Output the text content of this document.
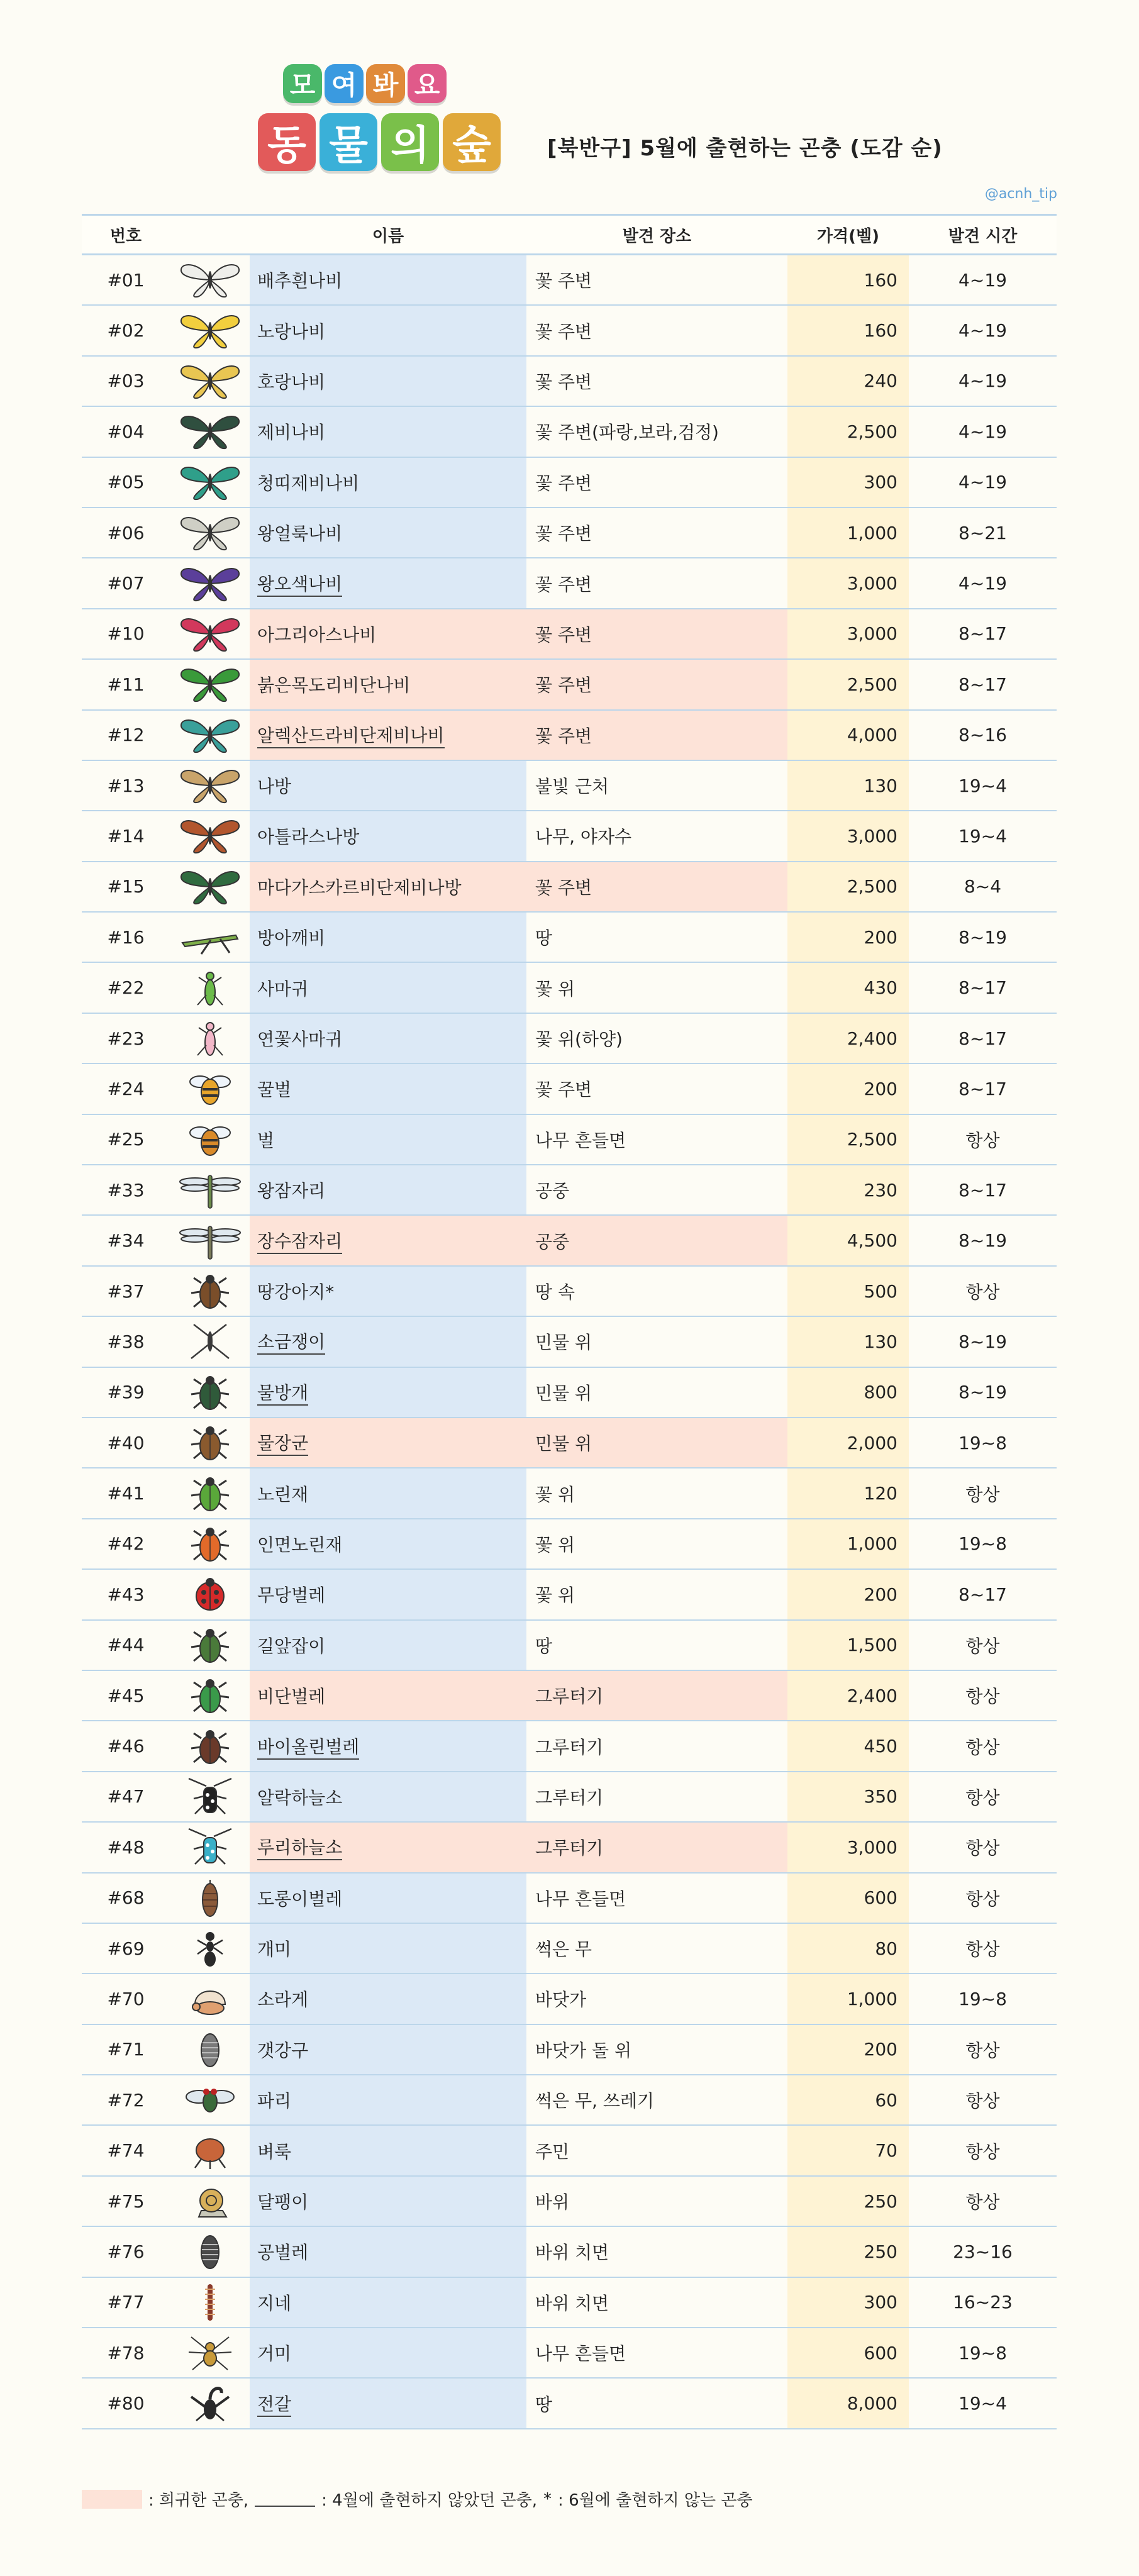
모 여 봐 요
동 물 의 숲	[북반구] 5월에 출현하는 곤충 (도감 순)
@acnh_tip
번호	이름	발견 장소	가격(벨)	발견 시간
#01	배추흰나비	꽃 주변	160	4~19
#02	노랑나비	꽃 주변	160	4~19
#03	호랑나비	꽃 주변	240	4~19
#04	제비나비	꽃 주변(파랑,보라,검정)	2,500	4~19
#05	청띠제비나비	꽃 주변	300	4~19
#06	왕얼룩나비	꽃 주변	1,000	8~21
#07	왕오색나비	꽃 주변	3,000	4~19
#10	아그리아스나비	꽃 주변	3,000	8~17
#11	붉은목도리비단나비	꽃 주변	2,500	8~17
#12	알렉산드라비단제비나비	꽃 주변	4,000	8~16
#13	나방	불빛 근처	130	19~4
#14	아틀라스나방	나무, 야자수	3,000	19~4
#15	마다가스카르비단제비나방	꽃 주변	2,500	8~4
#16	방아깨비	땅	200	8~19
#22	사마귀	꽃 위	430	8~17
#23	연꽃사마귀	꽃 위(하양)	2,400	8~17
#24	꿀벌	꽃 주변	200	8~17
#25	벌	나무 흔들면	2,500	항상
#33	왕잠자리	공중	230	8~17
#34	장수잠자리	공중	4,500	8~19
#37	땅강아지*	땅 속	500	항상
#38	소금쟁이	민물 위	130	8~19
#39	물방개	민물 위	800	8~19
#40	물장군	민물 위	2,000	19~8
#41	노린재	꽃 위	120	항상
#42	인면노린재	꽃 위	1,000	19~8
#43	무당벌레	꽃 위	200	8~17
#44	길앞잡이	땅	1,500	항상
#45	비단벌레	그루터기	2,400	항상
#46	바이올린벌레	그루터기	450	항상
#47	알락하늘소	그루터기	350	항상
#48	루리하늘소	그루터기	3,000	항상
#68	도롱이벌레	나무 흔들면	600	항상
#69	개미	썩은 무	80	항상
#70	소라게	바닷가	1,000	19~8
#71	갯강구	바닷가 돌 위	200	항상
#72	파리	썩은 무, 쓰레기	60	항상
#74	벼룩	주민	70	항상
#75	달팽이	바위	250	항상
#76	공벌레	바위 치면	250	23~16
#77	지네	바위 치면	300	16~23
#78	거미	나무 흔들면	600	19~8
#80	전갈	땅	8,000	19~4
: 희귀한 곤충,	: 4월에 출현하지 않았던 곤충, * : 6월에 출현하지 않는 곤충
